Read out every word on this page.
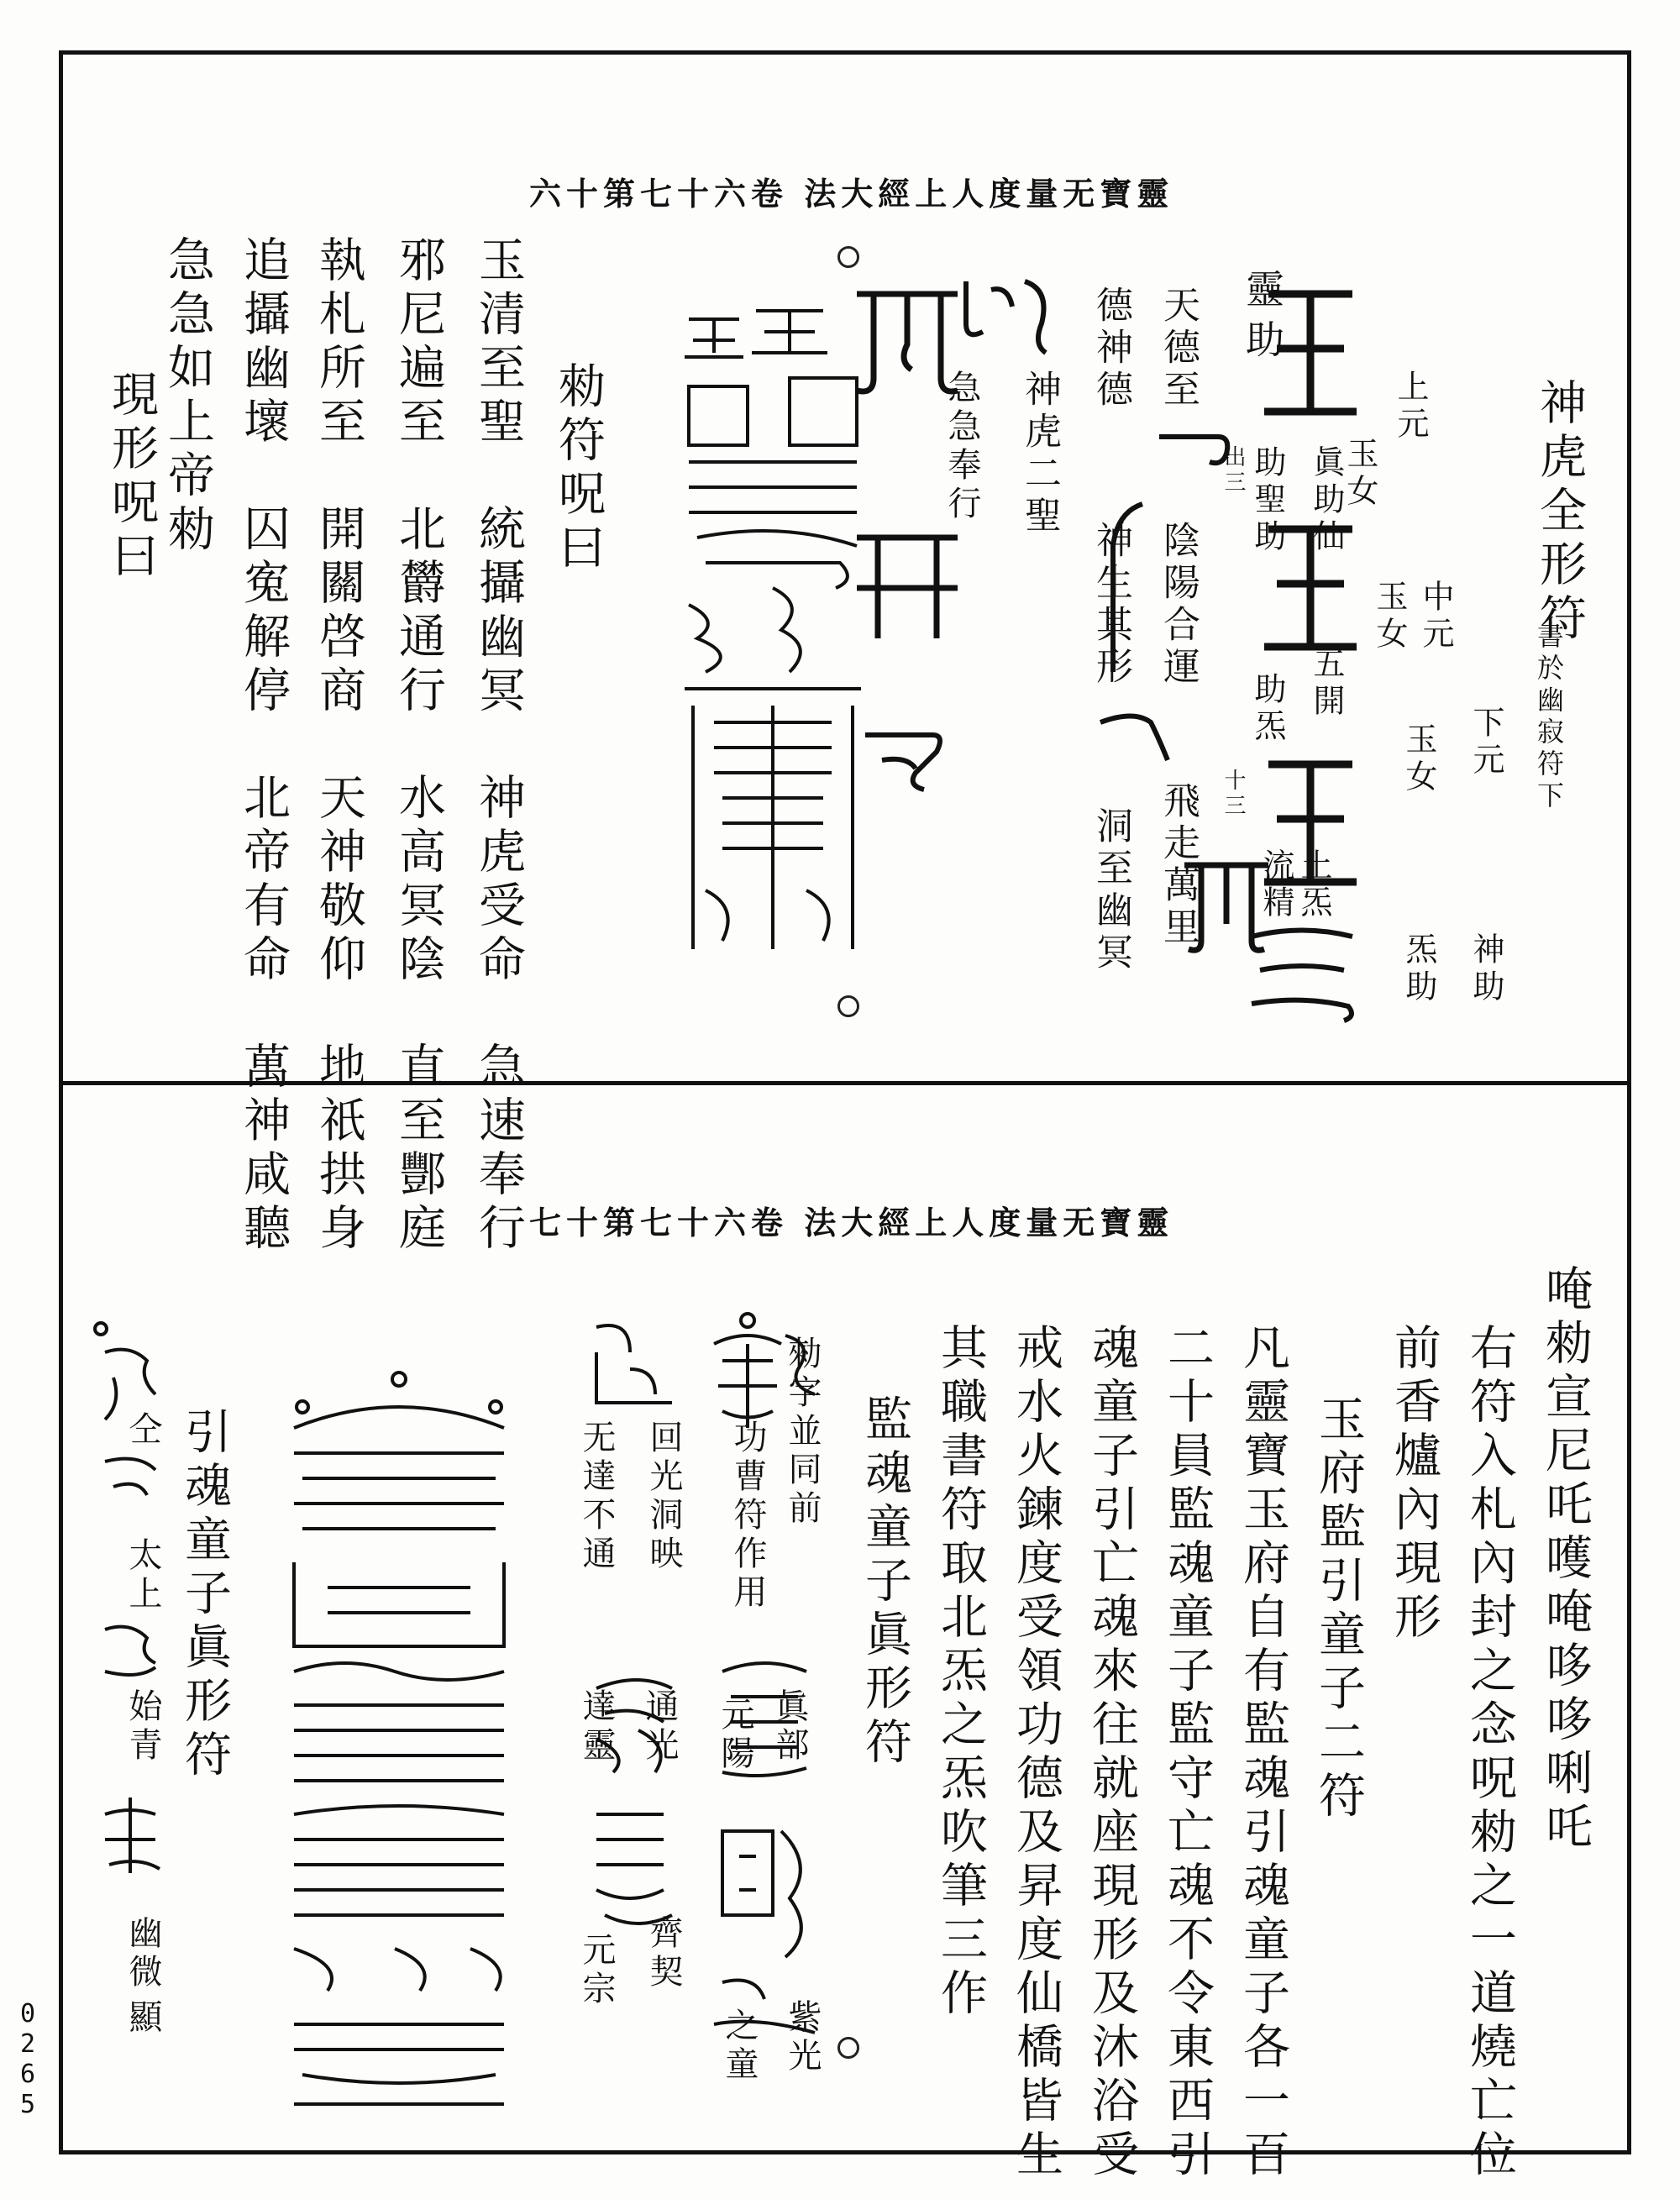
0265
六十第七十六卷 法大經上人度量无寶靈
神虎全形符
書於幽寂符下
上元
中元
下元
玉女
玉女
玉女
神助
炁助
土炁
流精
五開
助炁
眞助仙
助聖助
靈
助
天德至
德神德
陰陽合運
神生其形
飛走萬里
洞至幽冥
神虎二聖
急急奉行	出三
十三
勑符呪曰
玉清至聖　統攝幽冥　神虎受命　急速奉行
邪尼遍至　北欝通行　水高冥陰　直至酆庭
執札所至　開關啓商　天神敬仰　地祇拱身
追攝幽壞　囚寃解停　北帝有命　萬神咸聽
急急如上帝勑
現形呪曰
七十第七十六卷 法大經上人度量无寶靈
唵勑宣尼吒嚄唵哆哆唎吒
右符入札內封之念呪勑之一道燒亡位
前香爐內現形
玉府監引童子二符
凡靈寶玉府自有監魂引魂童子各一百
二十員監魂童子監守亡魂不令東西引
魂童子引亡魂來往就座現形及沐浴受
戒水火鍊度受領功德及昇度仙橋皆生
其職書符取北炁之炁吹筆三作
監魂童子眞形符
勑字並同前
功曹符作用
眞部
元陽
紫光
之童
回光洞映
无達不通
通光
達靈
齊契
元宗
引魂童子眞形符
仝
太上
始青
幽微
顯
